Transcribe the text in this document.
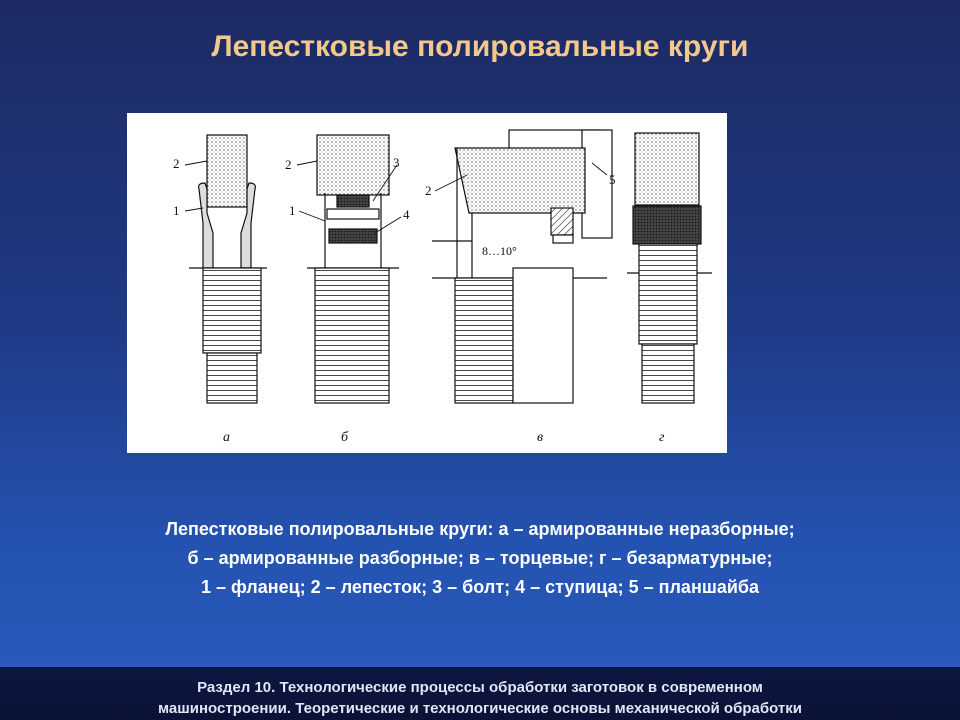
Лепестковые полировальные круги
2
1
2
1
3
4
2
5
8…10°
а	б	в	г
Лепестковые полировальные круги: а – армированные неразборные;
б – армированные разборные; в – торцевые; г – безарматурные;
1 – фланец; 2 – лепесток; 3 – болт; 4 – ступица; 5 – планшайба
Раздел 10. Технологические процессы обработки заготовок в современном
машиностроении. Теоретические и технологические основы механической обработки
